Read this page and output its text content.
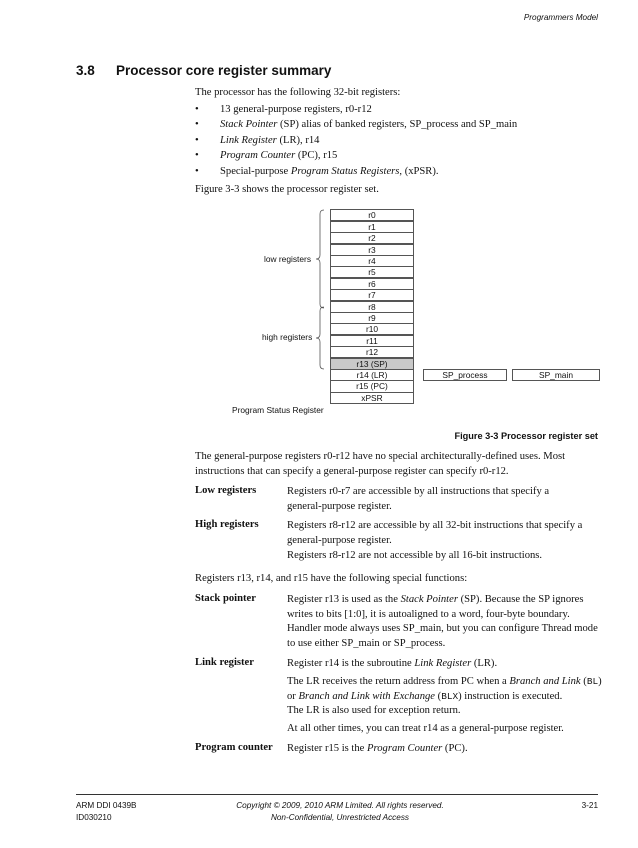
Programmers Model
3.8 Processor core register summary
The processor has the following 32-bit registers:
• 13 general-purpose registers, r0-r12
• Stack Pointer (SP) alias of banked registers, SP_process and SP_main
• Link Register (LR), r14
• Program Counter (PC), r15
• Special-purpose Program Status Registers, (xPSR).
Figure 3-3 shows the processor register set.
r0
r1
r2
r3
r4
r5
r6
r7
r8
r9
r10
r11
r12
r13 (SP)
r14 (LR)
r15 (PC)
xPSR
SP_process	SP_main
low registers
high registers
Program Status Register
Figure 3-3 Processor register set
The general-purpose registers r0-r12 have no special architecturally-defined uses. Most
instructions that can specify a general-purpose register can specify r0-r12.
Low registers	Registers r0-r7 are accessible by all instructions that specify a
general-purpose register.
High registers	Registers r8-r12 are accessible by all 32-bit instructions that specify a
general-purpose register.
Registers r8-r12 are not accessible by all 16-bit instructions.
Registers r13, r14, and r15 have the following special functions:
Stack pointer	Register r13 is used as the Stack Pointer (SP). Because the SP ignores
writes to bits [1:0], it is autoaligned to a word, four-byte boundary.
Handler mode always uses SP_main, but you can configure Thread mode
to use either SP_main or SP_process.
Link register	Register r14 is the subroutine Link Register (LR).
The LR receives the return address from PC when a Branch and Link (BL)
or Branch and Link with Exchange (BLX) instruction is executed.
The LR is also used for exception return.
At all other times, you can treat r14 as a general-purpose register.
Program counter Register r15 is the Program Counter (PC).
ARM DDI 0439B
ID030210
Copyright © 2009, 2010 ARM Limited. All rights reserved.
Non-Confidential, Unrestricted Access
3-21
